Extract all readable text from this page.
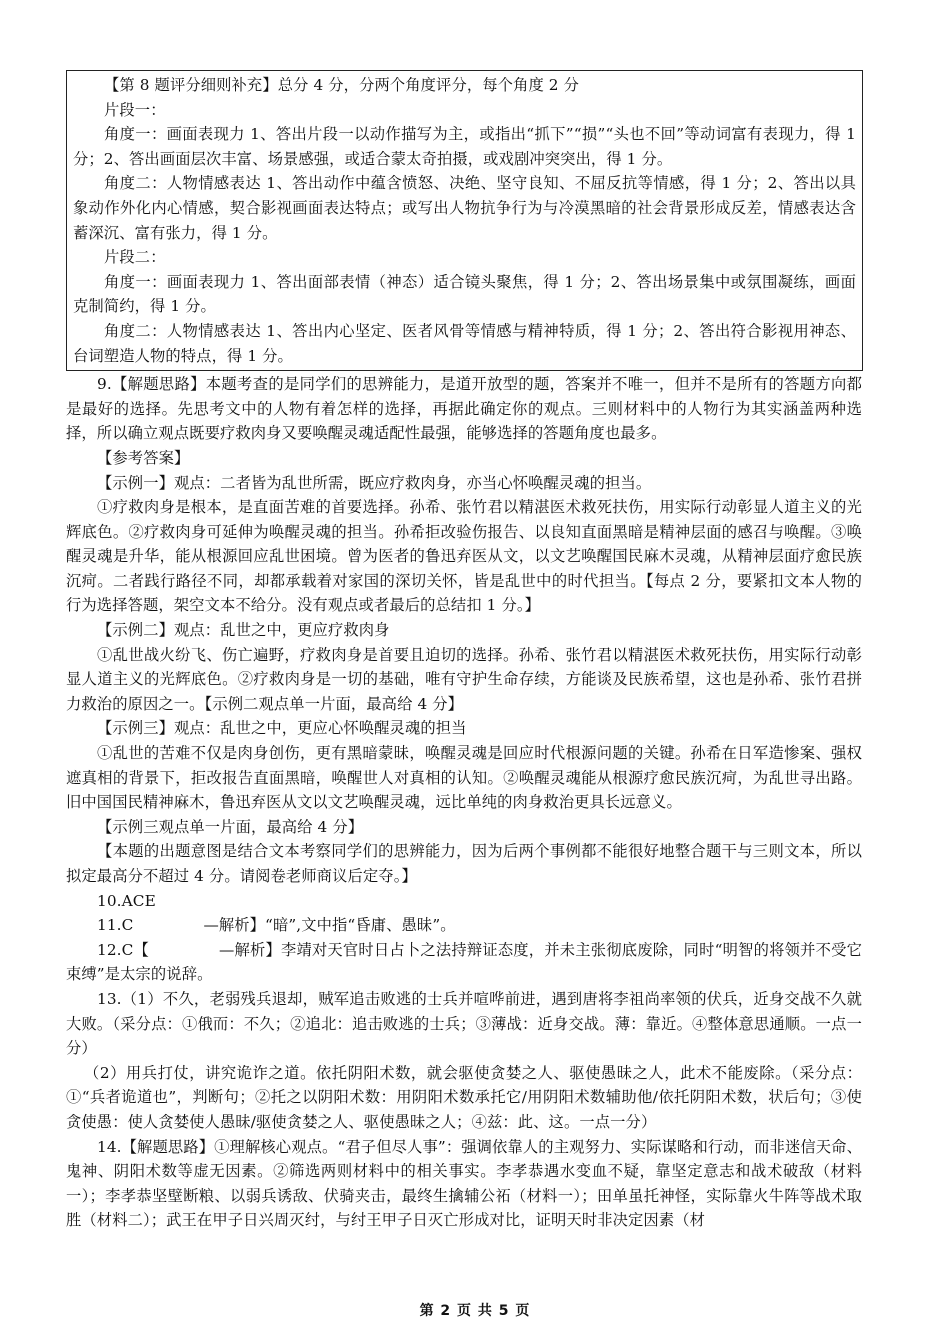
【第 8 题评分细则补充】总分 4 分，分两个角度评分，每个角度 2 分

片段一：

角度一：画面表现力 1、答出片段一以动作描写为主，或指出“抓下”“损”“头也不回”等动词富有表现力，得 1 分；2、答出画面层次丰富、场景感强，或适合蒙太奇拍摄，或戏剧冲突突出，得 1 分。

角度二：人物情感表达 1、答出动作中蕴含愤怒、决绝、坚守良知、不屈反抗等情感，得 1 分；2、答出以具象动作外化内心情感，契合影视画面表达特点；或写出人物抗争行为与冷漠黑暗的社会背景形成反差，情感表达含蓄深沉、富有张力，得 1 分。

片段二：

角度一：画面表现力 1、答出面部表情（神态）适合镜头聚焦，得 1 分；2、答出场景集中或氛围凝练，画面克制简约，得 1 分。

角度二：人物情感表达 1、答出内心坚定、医者风骨等情感与精神特质，得 1 分；2、答出符合影视用神态、台词塑造人物的特点，得 1 分。

9.【解题思路】本题考查的是同学们的思辨能力，是道开放型的题，答案并不唯一，但并不是所有的答题方向都是最好的选择。先思考文中的人物有着怎样的选择，再据此确定你的观点。三则材料中的人物行为其实涵盖两种选择，所以确立观点既要疗救肉身又要唤醒灵魂适配性最强，能够选择的答题角度也最多。

【参考答案】

【示例一】观点：二者皆为乱世所需，既应疗救肉身，亦当心怀唤醒灵魂的担当。

①疗救肉身是根本，是直面苦难的首要选择。孙希、张竹君以精湛医术救死扶伤，用实际行动彰显人道主义的光辉底色。②疗救肉身可延伸为唤醒灵魂的担当。孙希拒改验伤报告、以良知直面黑暗是精神层面的感召与唤醒。③唤醒灵魂是升华，能从根源回应乱世困境。曾为医者的鲁迅弃医从文，以文艺唤醒国民麻木灵魂，从精神层面疗愈民族沉疴。二者践行路径不同，却都承载着对家国的深切关怀，皆是乱世中的时代担当。【每点 2 分，要紧扣文本人物的行为选择答题，架空文本不给分。没有观点或者最后的总结扣 1 分。】

【示例二】观点：乱世之中，更应疗救肉身

①乱世战火纷飞、伤亡遍野，疗救肉身是首要且迫切的选择。孙希、张竹君以精湛医术救死扶伤，用实际行动彰显人道主义的光辉底色。②疗救肉身是一切的基础，唯有守护生命存续，方能谈及民族希望，这也是孙希、张竹君拼力救治的原因之一。【示例二观点单一片面，最高给 4 分】

【示例三】观点：乱世之中，更应心怀唤醒灵魂的担当

①乱世的苦难不仅是肉身创伤，更有黑暗蒙昧，唤醒灵魂是回应时代根源问题的关键。孙希在日军造惨案、强权遮真相的背景下，拒改报告直面黑暗，唤醒世人对真相的认知。②唤醒灵魂能从根源疗愈民族沉疴，为乱世寻出路。旧中国国民精神麻木，鲁迅弃医从文以文艺唤醒灵魂，远比单纯的肉身救治更具长远意义。

【示例三观点单一片面，最高给 4 分】

【本题的出题意图是结合文本考察同学们的思辨能力，因为后两个事例都不能很好地整合题干与三则文本，所以拟定最高分不超过 4 分。请阅卷老师商议后定夺。】

10.ACE

11.C	—解析】“暗”,文中指“昏庸、愚昧”。

12.C【	—解析】李靖对天官时日占卜之法持辩证态度，并未主张彻底废除，同时“明智的将领并不受它束缚”是太宗的说辞。

13.（1）不久，老弱残兵退却，贼军追击败逃的士兵并喧哗前进，遇到唐将李祖尚率领的伏兵，近身交战不久就大败。（采分点：①俄而：不久；②追北：追击败逃的士兵；③薄战：近身交战。薄：靠近。④整体意思通顺。一点一分）

（2）用兵打仗，讲究诡诈之道。依托阴阳术数，就会驱使贪婪之人、驱使愚昧之人，此术不能废除。（采分点：①“兵者诡道也”，判断句；②托之以阴阳术数：用阴阳术数承托它/用阴阳术数辅助他/依托阴阳术数，状后句；③使贪使愚：使人贪婪使人愚昧/驱使贪婪之人、驱使愚昧之人；④兹：此、这。一点一分）

14.【解题思路】①理解核心观点。“君子但尽人事”：强调依靠人的主观努力、实际谋略和行动，而非迷信天命、鬼神、阴阳术数等虚无因素。②筛选两则材料中的相关事实。李孝恭遇水变血不疑，靠坚定意志和战术破敌（材料一）；李孝恭坚壁断粮、以弱兵诱敌、伏骑夹击，最终生擒辅公祏（材料一）；田单虽托神怪，实际靠火牛阵等战术取胜（材料二）；武王在甲子日兴周灭纣，与纣王甲子日灭亡形成对比，证明天时非决定因素（材

第 2 页 共 5 页
